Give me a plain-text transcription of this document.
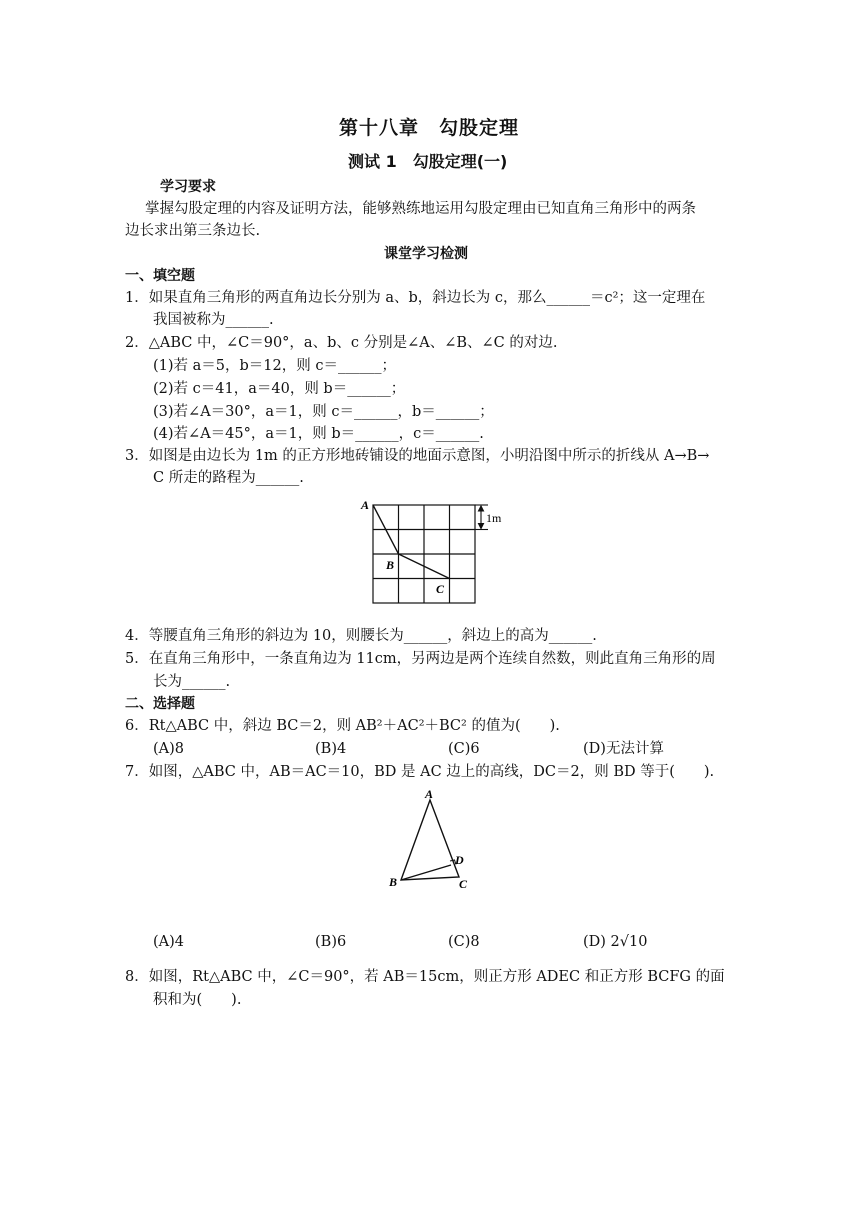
第十八章　勾股定理
测试 1　勾股定理(一)
学习要求
掌握勾股定理的内容及证明方法，能够熟练地运用勾股定理由已知直角三角形中的两条
边长求出第三条边长.
课堂学习检测
一、填空题
1．如果直角三角形的两直角边长分别为 a、b，斜边长为 c，那么______＝c²；这一定理在
我国被称为______.
2．△ABC 中，∠C＝90°，a、b、c 分别是∠A、∠B、∠C 的对边.
(1)若 a＝5，b＝12，则 c＝______；
(2)若 c＝41，a＝40，则 b＝______；
(3)若∠A＝30°，a＝1，则 c＝______，b＝______；
(4)若∠A＝45°，a＝1，则 b＝______，c＝______.
3．如图是由边长为 1m 的正方形地砖铺设的地面示意图，小明沿图中所示的折线从 A→B→
C 所走的路程为______.
1m
A
B
C
4．等腰直角三角形的斜边为 10，则腰长为______，斜边上的高为______.
5．在直角三角形中，一条直角边为 11cm，另两边是两个连续自然数，则此直角三角形的周
长为______.
二、选择题
6．Rt△ABC 中，斜边 BC＝2，则 AB²＋AC²＋BC² 的值为(　　).
(A)8	(B)4	(C)6	(D)无法计算
7．如图，△ABC 中，AB＝AC＝10，BD 是 AC 边上的高线，DC＝2，则 BD 等于(　　).
A
B	C
D
(A)4	(B)6	(C)8	(D) 2√10
8．如图，Rt△ABC 中，∠C＝90°，若 AB＝15cm，则正方形 ADEC 和正方形 BCFG 的面
积和为(　　).
